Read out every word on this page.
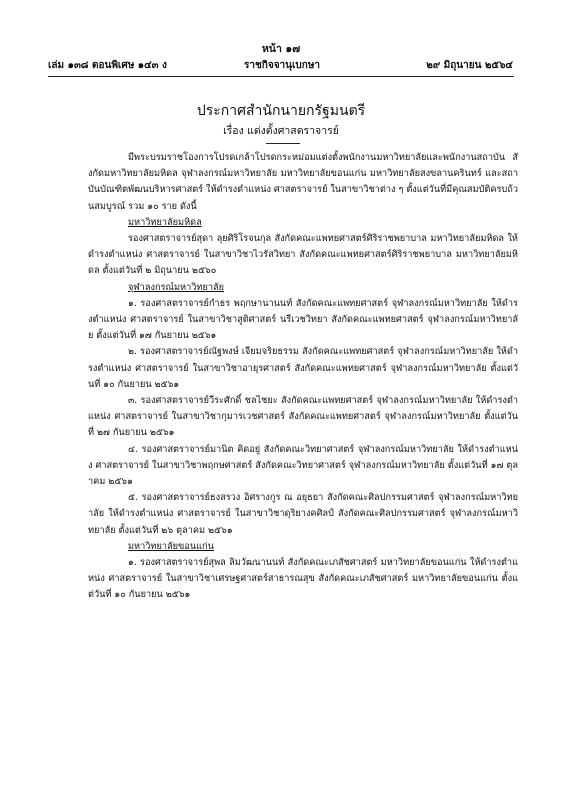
หน้า ๑๗
เล่ม ๑๓๘ ตอนพิเศษ ๑๔๓ ง	ราชกิจจานุเบกษา	๒๙ มิถุนายน ๒๕๖๔
ประกาศสำนักนายกรัฐมนตรี
เรื่อง แต่งตั้งศาสตราจารย์

มีพระบรมราชโองการโปรดเกล้าโปรดกระหม่อมแต่งตั้งพนักงานมหาวิทยาลัยและพนักงานสถาบัน สังกัดมหาวิทยาลัยมหิดล จุฬาลงกรณ์มหาวิทยาลัย มหาวิทยาลัยขอนแก่น มหาวิทยาลัยสงขลานครินทร์ และสถาบันบัณฑิตพัฒนบริหารศาสตร์ ให้ดำรงตำแหน่ง ศาสตราจารย์ ในสาขาวิชาต่าง ๆ ตั้งแต่วันที่มีคุณสมบัติครบถ้วนสมบูรณ์ รวม ๑๐ ราย ดังนี้

มหาวิทยาลัยมหิดล

รองศาสตราจารย์สุดา ลุยศิริโรจนกุล สังกัดคณะแพทยศาสตร์ศิริราชพยาบาล มหาวิทยาลัยมหิดล ให้ดำรงตำแหน่ง ศาสตราจารย์ ในสาขาวิชาไวรัสวิทยา สังกัดคณะแพทยศาสตร์ศิริราชพยาบาล มหาวิทยาลัยมหิดล ตั้งแต่วันที่ ๒ มิถุนายน ๒๕๖๐

จุฬาลงกรณ์มหาวิทยาลัย

๑. รองศาสตราจารย์กำธร พฤกษานานนท์ สังกัดคณะแพทยศาสตร์ จุฬาลงกรณ์มหาวิทยาลัย ให้ดำรงตำแหน่ง ศาสตราจารย์ ในสาขาวิชาสูติศาสตร์ นรีเวชวิทยา สังกัดคณะแพทยศาสตร์ จุฬาลงกรณ์มหาวิทยาลัย ตั้งแต่วันที่ ๑๗ กันยายน ๒๕๖๑

๒. รองศาสตราจารย์ณัฐพงษ์ เจียมจริยธรรม สังกัดคณะแพทยศาสตร์ จุฬาลงกรณ์มหาวิทยาลัย ให้ดำรงตำแหน่ง ศาสตราจารย์ ในสาขาวิชาอายุรศาสตร์ สังกัดคณะแพทยศาสตร์ จุฬาลงกรณ์มหาวิทยาลัย ตั้งแต่วันที่ ๑๐ กันยายน ๒๕๖๑

๓. รองศาสตราจารย์วีระศักดิ์ ชลไชยะ สังกัดคณะแพทยศาสตร์ จุฬาลงกรณ์มหาวิทยาลัย ให้ดำรงตำแหน่ง ศาสตราจารย์ ในสาขาวิชากุมารเวชศาสตร์ สังกัดคณะแพทยศาสตร์ จุฬาลงกรณ์มหาวิทยาลัย ตั้งแต่วันที่ ๒๗ กันยายน ๒๕๖๑

๔. รองศาสตราจารย์มานิต คิดอยู่ สังกัดคณะวิทยาศาสตร์ จุฬาลงกรณ์มหาวิทยาลัย ให้ดำรงตำแหน่ง ศาสตราจารย์ ในสาขาวิชาพฤกษศาสตร์ สังกัดคณะวิทยาศาสตร์ จุฬาลงกรณ์มหาวิทยาลัย ตั้งแต่วันที่ ๑๗ ตุลาคม ๒๕๖๑

๕. รองศาสตราจารย์ธงสรวง อิศรางกูร ณ อยุธยา สังกัดคณะศิลปกรรมศาสตร์ จุฬาลงกรณ์มหาวิทยาลัย ให้ดำรงตำแหน่ง ศาสตราจารย์ ในสาขาวิชาดุริยางคศิลป์ สังกัดคณะศิลปกรรมศาสตร์ จุฬาลงกรณ์มหาวิทยาลัย ตั้งแต่วันที่ ๒๖ ตุลาคม ๒๕๖๑

มหาวิทยาลัยขอนแก่น

๑. รองศาสตราจารย์สุพล ลิมวัฒนานนท์ สังกัดคณะเภสัชศาสตร์ มหาวิทยาลัยขอนแก่น ให้ดำรงตำแหน่ง ศาสตราจารย์ ในสาขาวิชาเศรษฐศาสตร์สาธารณสุข สังกัดคณะเภสัชศาสตร์ มหาวิทยาลัยขอนแก่น ตั้งแต่วันที่ ๑๐ กันยายน ๒๕๖๑
